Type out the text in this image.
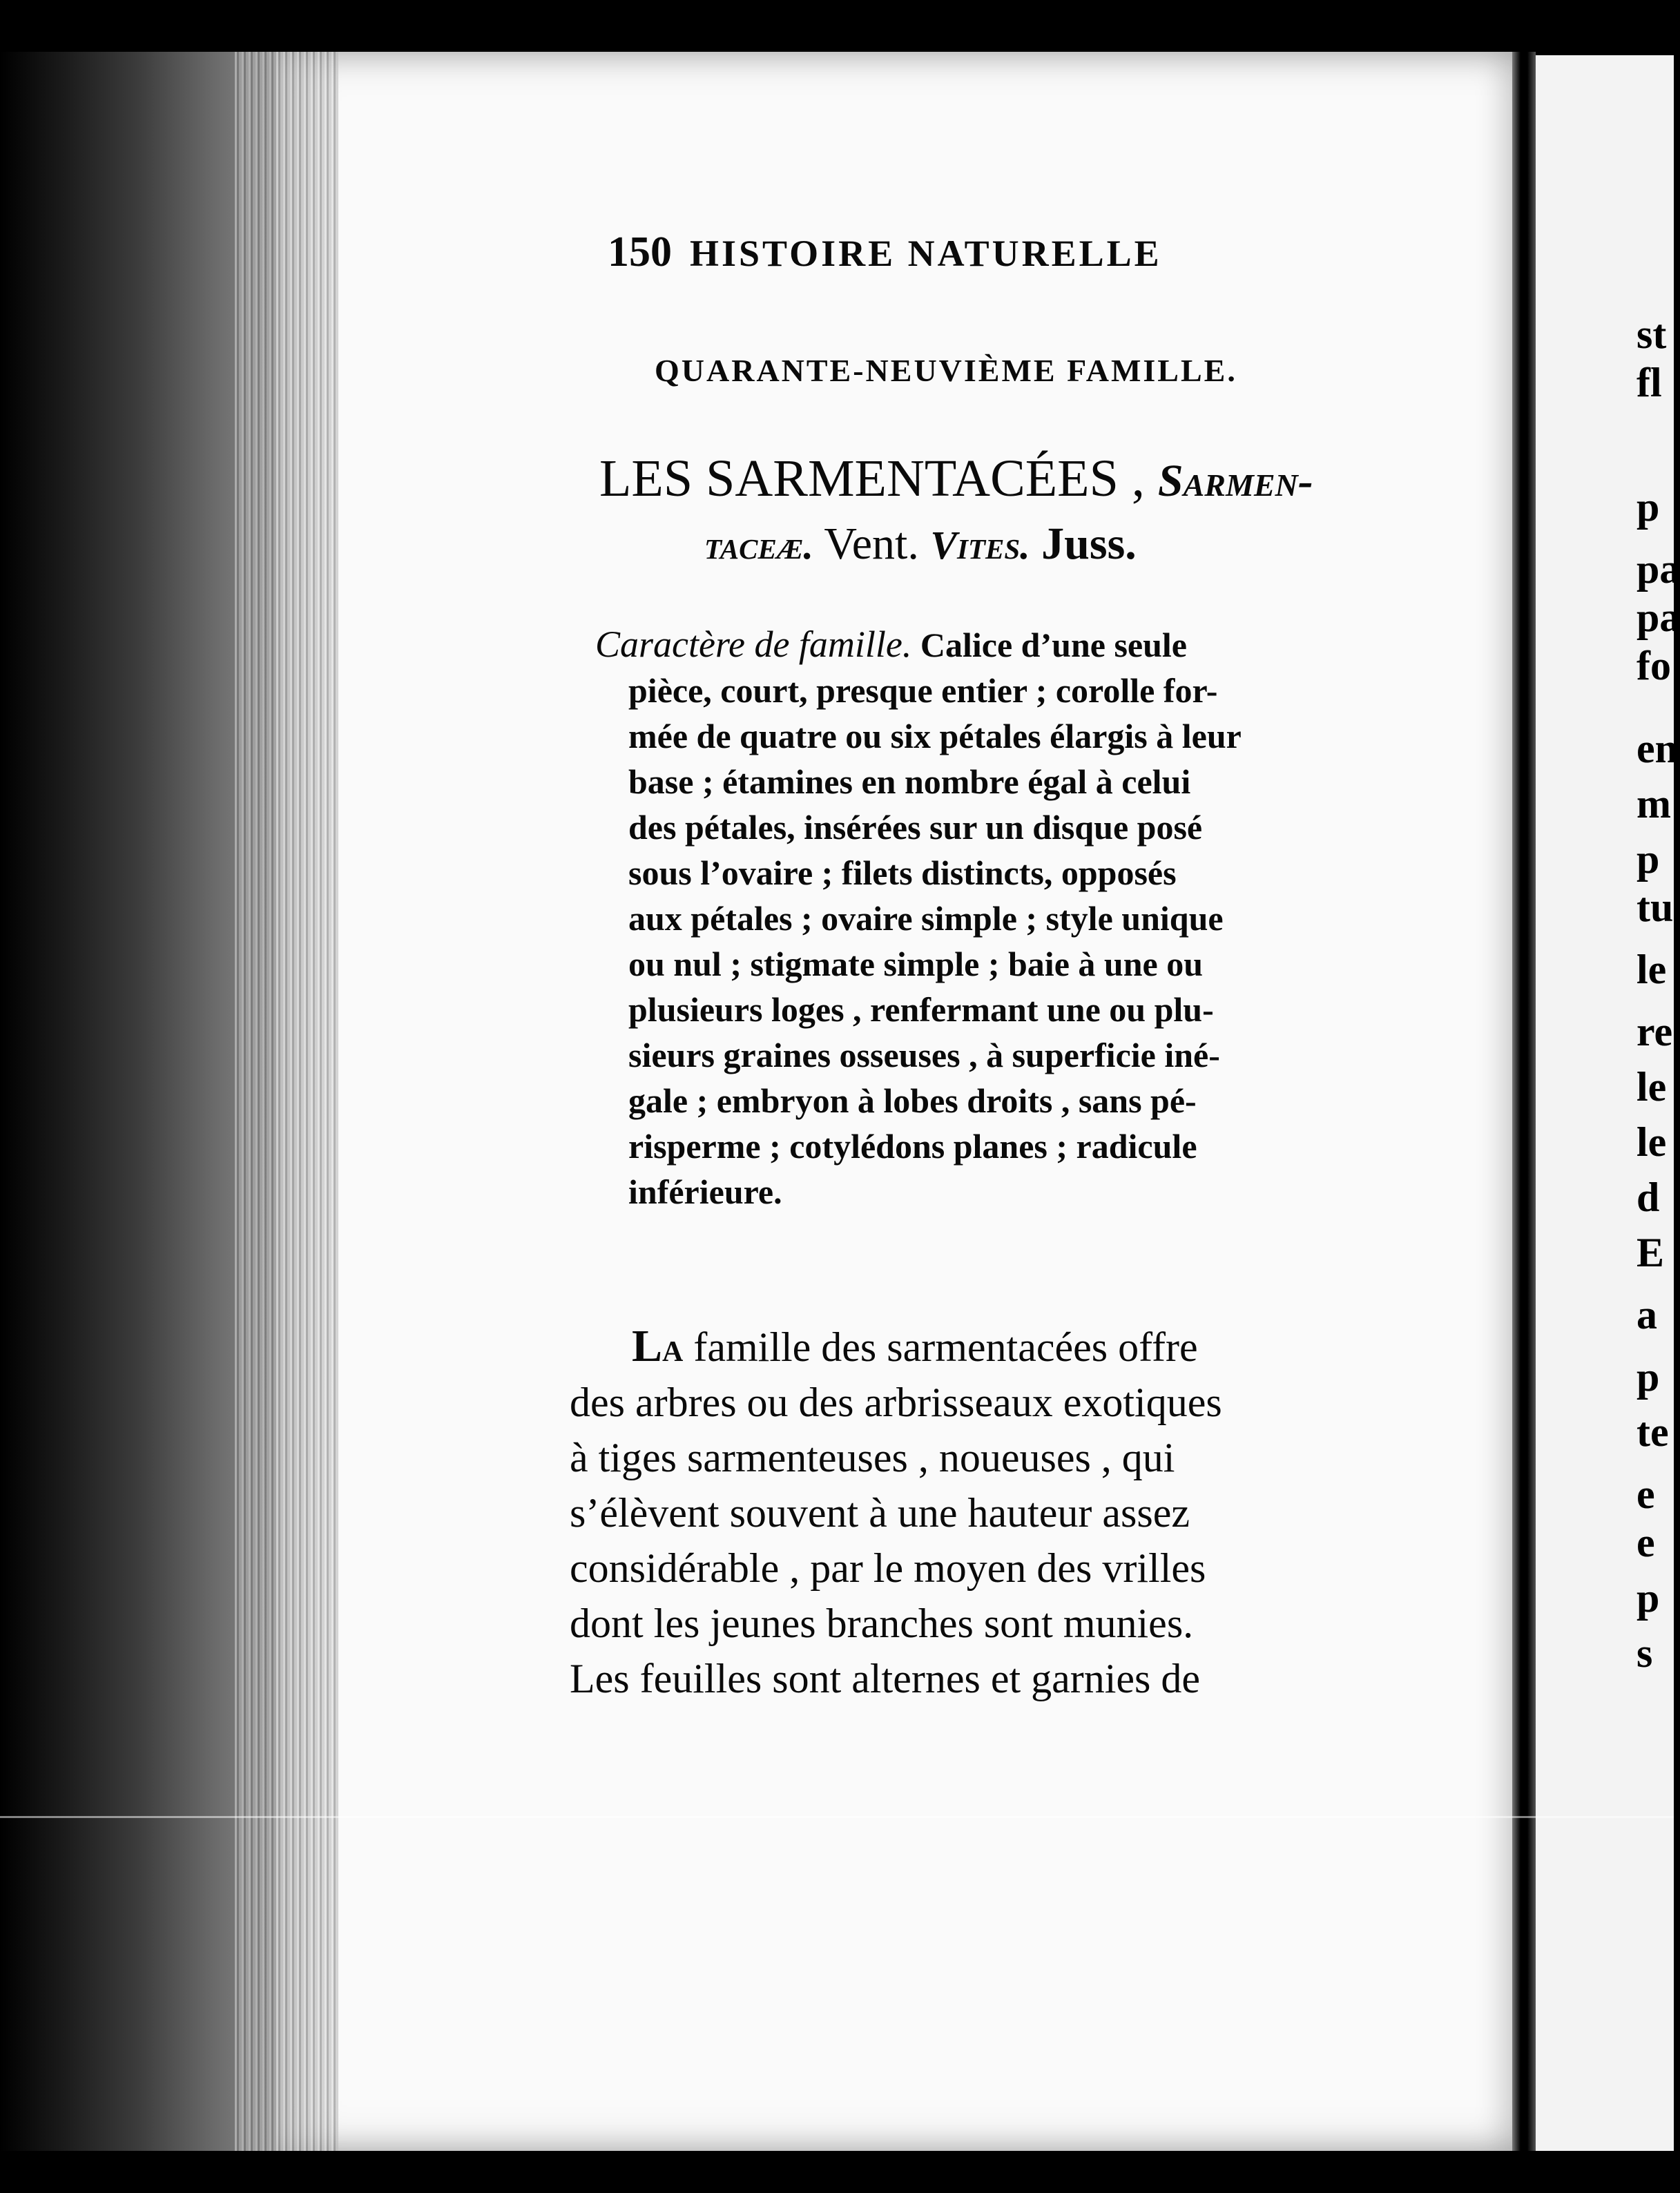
st
fl
p
pa
pa
fo
en
m
p
tu
le
re
le
le
d
E
a
p
te
e
e
p
s
150 HISTOIRE NATURELLE
QUARANTE-NEUVIÈME FAMILLE.
LES SARMENTACÉES , Sarmen-
taceæ. Vent. Vites. Juss.
Caractère de famille. Calice d’une seule
pièce, court, presque entier ; corolle for-
mée de quatre ou six pétales élargis à leur
base ; étamines en nombre égal à celui
des pétales, insérées sur un disque posé
sous l’ovaire ; filets distincts, opposés
aux pétales ; ovaire simple ; style unique
ou nul ; stigmate simple ; baie à une ou
plusieurs loges , renfermant une ou plu-
sieurs graines osseuses , à superficie iné-
gale ; embryon à lobes droits , sans pé-
risperme ; cotylédons planes ; radicule
inférieure.
La famille des sarmentacées offre
des arbres ou des arbrisseaux exotiques
à tiges sarmenteuses , noueuses , qui
s’élèvent souvent à une hauteur assez
considérable , par le moyen des vrilles
dont les jeunes branches sont munies.
Les feuilles sont alternes et garnies de
